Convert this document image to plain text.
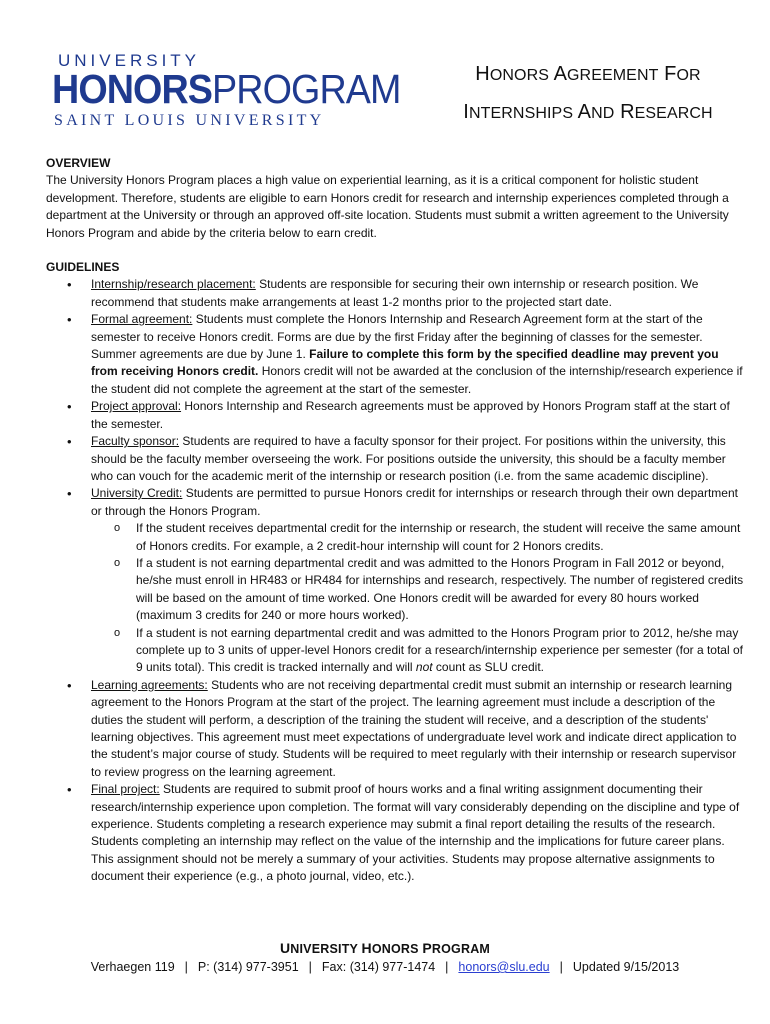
UNIVERSITY
HONORSPROGRAM
SAINT LOUIS UNIVERSITY
HONORS AGREEMENT FOR
INTERNSHIPS AND RESEARCH

OVERVIEW

The University Honors Program places a high value on experiential learning, as it is a critical component for holistic student development. Therefore, students are eligible to earn Honors credit for research and internship experiences completed through a department at the University or through an approved off-site location. Students must submit a written agreement to the University Honors Program and abide by the criteria below to earn credit.

GUIDELINES

• Internship/research placement: Students are responsible for securing their own internship or research position. We recommend that students make arrangements at least 1-2 months prior to the projected start date.
• Formal agreement: Students must complete the Honors Internship and Research Agreement form at the start of the semester to receive Honors credit. Forms are due by the first Friday after the beginning of classes for the semester. Summer agreements are due by June 1. Failure to complete this form by the specified deadline may prevent you from receiving Honors credit. Honors credit will not be awarded at the conclusion of the internship/research experience if the student did not complete the agreement at the start of the semester.
• Project approval: Honors Internship and Research agreements must be approved by Honors Program staff at the start of the semester.
• Faculty sponsor: Students are required to have a faculty sponsor for their project. For positions within the university, this should be the faculty member overseeing the work. For positions outside the university, this should be a faculty member who can vouch for the academic merit of the internship or research position (i.e. from the same academic discipline).
• University Credit: Students are permitted to pursue Honors credit for internships or research through their own department or through the Honors Program.
o If the student receives departmental credit for the internship or research, the student will receive the same amount of Honors credits. For example, a 2 credit-hour internship will count for 2 Honors credits.
o If a student is not earning departmental credit and was admitted to the Honors Program in Fall 2012 or beyond, he/she must enroll in HR483 or HR484 for internships and research, respectively. The number of registered credits will be based on the amount of time worked. One Honors credit will be awarded for every 80 hours worked (maximum 3 credits for 240 or more hours worked).
o If a student is not earning departmental credit and was admitted to the Honors Program prior to 2012, he/she may complete up to 3 units of upper-level Honors credit for a research/internship experience per semester (for a total of 9 units total). This credit is tracked internally and will not count as SLU credit.
• Learning agreements: Students who are not receiving departmental credit must submit an internship or research learning agreement to the Honors Program at the start of the project. The learning agreement must include a description of the duties the student will perform, a description of the training the student will receive, and a description of the students' learning objectives. This agreement must meet expectations of undergraduate level work and indicate direct application to the student’s major course of study. Students will be required to meet regularly with their internship or research supervisor to review progress on the learning agreement.
• Final project: Students are required to submit proof of hours works and a final writing assignment documenting their research/internship experience upon completion. The format will vary considerably depending on the discipline and type of experience. Students completing a research experience may submit a final report detailing the results of the research. Students completing an internship may reflect on the value of the internship and the implications for future career plans. This assignment should not be merely a summary of your activities. Students may propose alternative assignments to document their experience (e.g., a photo journal, video, etc.).
UNIVERSITY HONORS PROGRAM
Verhaegen 119 | P: (314) 977-3951 | Fax: (314) 977-1474 | honors@slu.edu | Updated 9/15/2013
